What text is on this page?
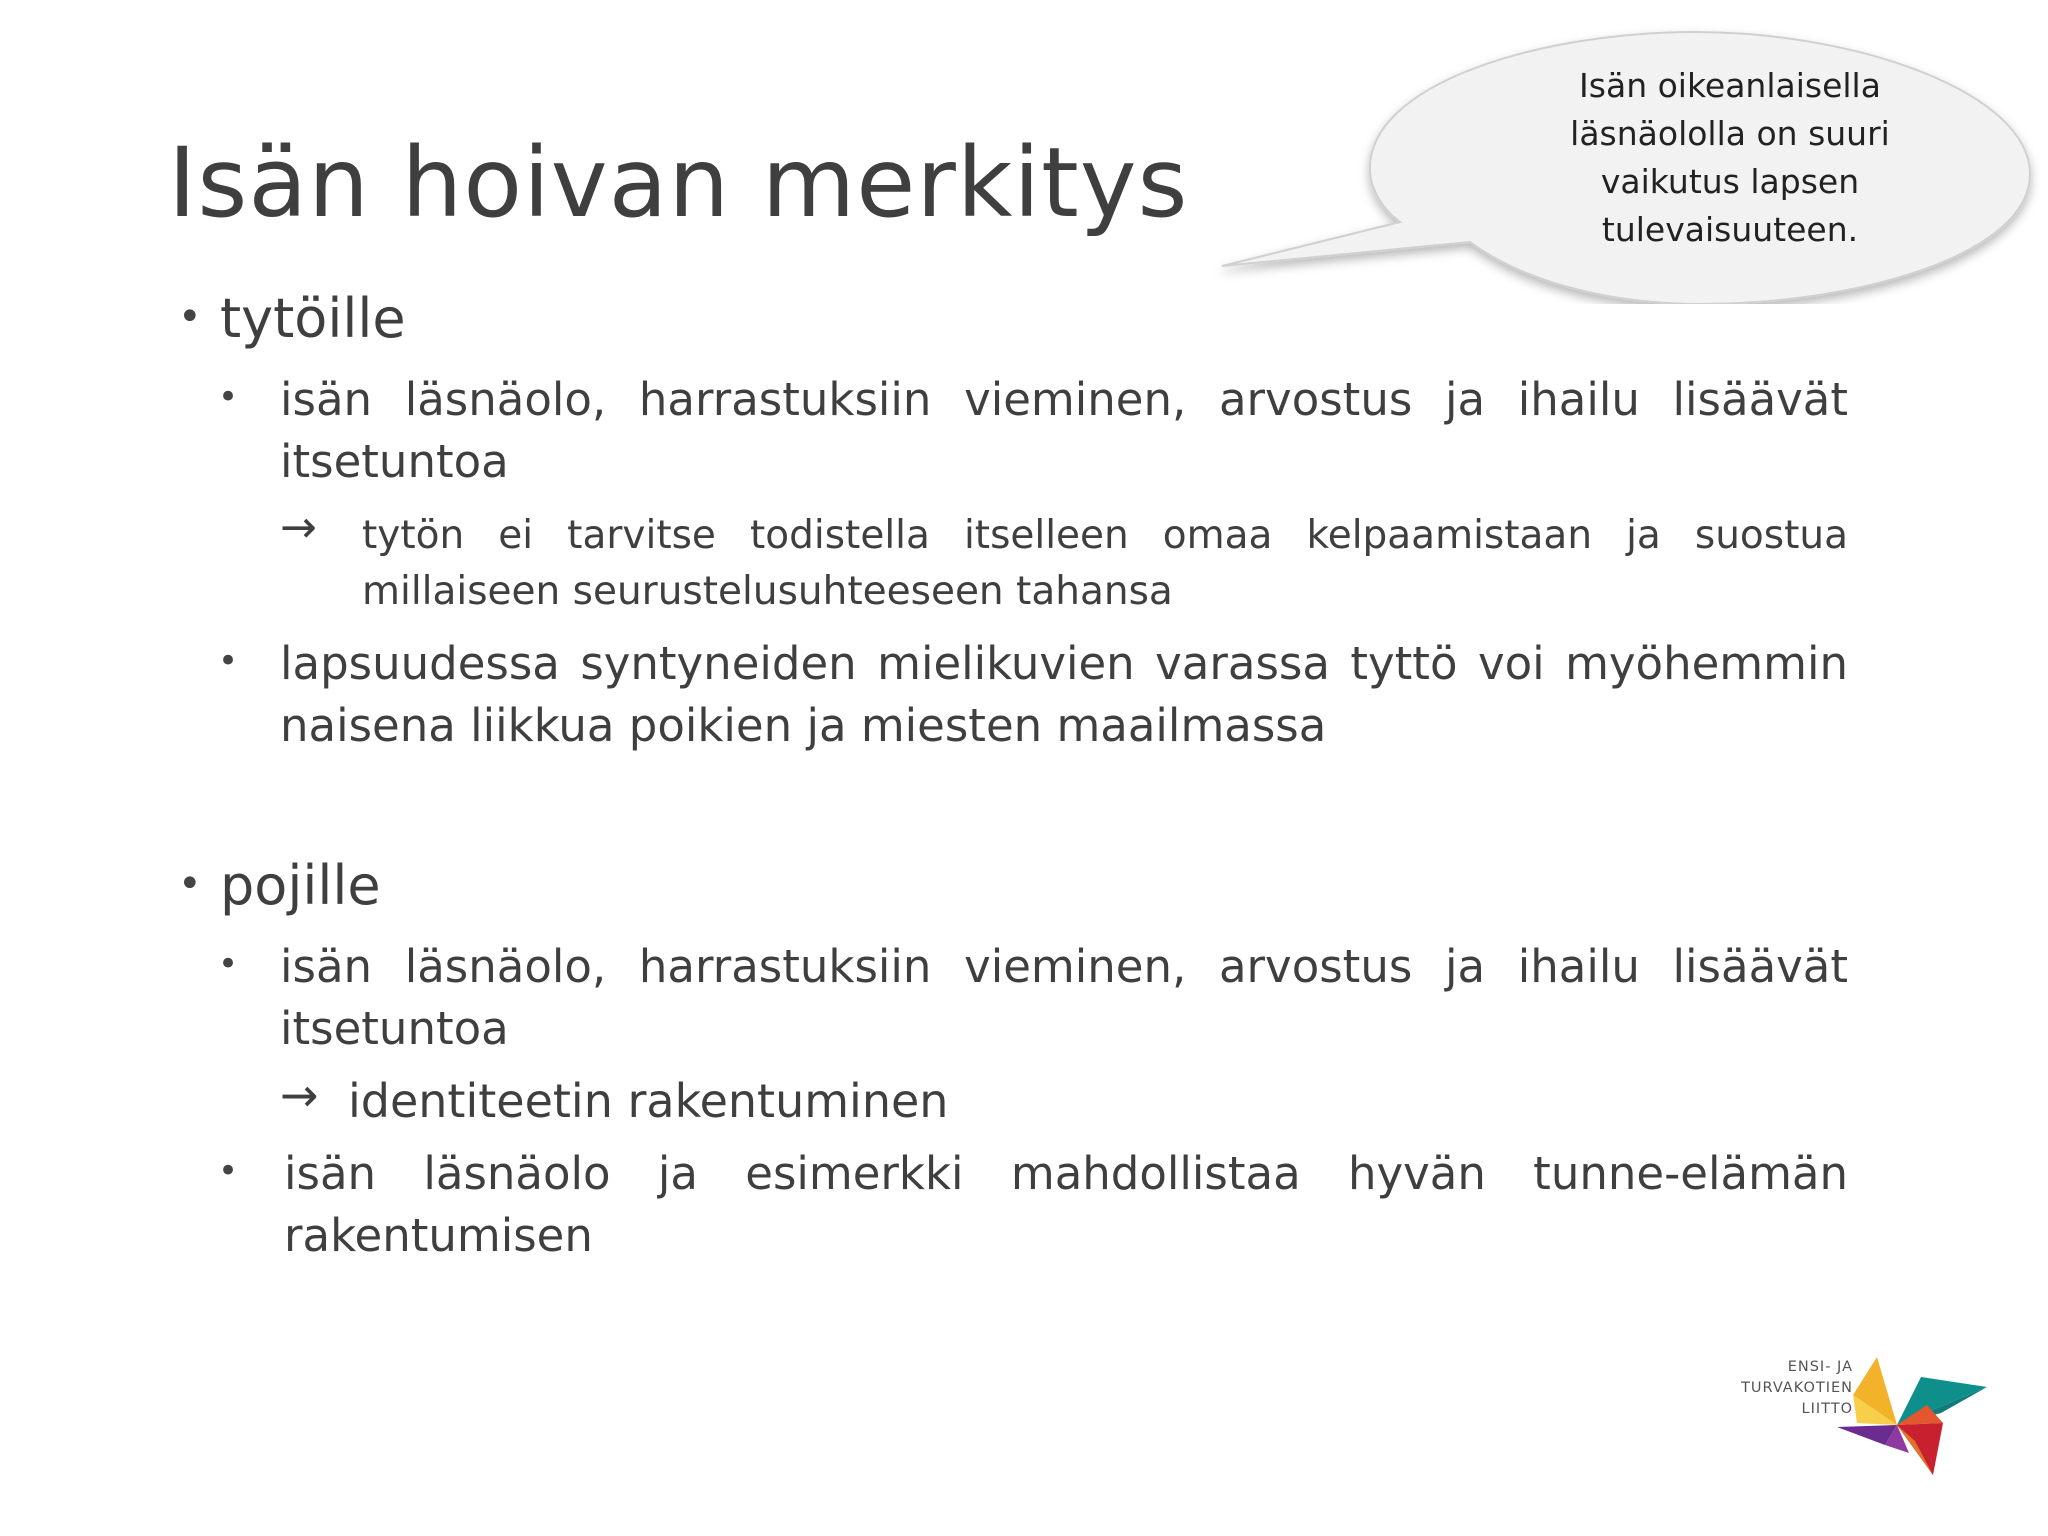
Isän hoivan merkitys
Isän oikeanlaisella
läsnäololla on suuri
vaikutus lapsen
tulevaisuuteen.
• tytöille
• isän läsnäolo, harrastuksiin vieminen, arvostus ja ihailu lisäävät itsetuntoa
→ tytön ei tarvitse todistella itselleen omaa kelpaamistaan ja suostua millaiseen seurustelusuhteeseen tahansa
• lapsuudessa syntyneiden mielikuvien varassa tyttö voi myöhemmin naisena liikkua poikien ja miesten maailmassa
• pojille
• isän läsnäolo, harrastuksiin vieminen, arvostus ja ihailu lisäävät itsetuntoa
→ identiteetin rakentuminen
• isän läsnäolo ja esimerkki mahdollistaa hyvän tunne-elämän rakentumisen
ENSI- JA
TURVAKOTIEN
LIITTO
